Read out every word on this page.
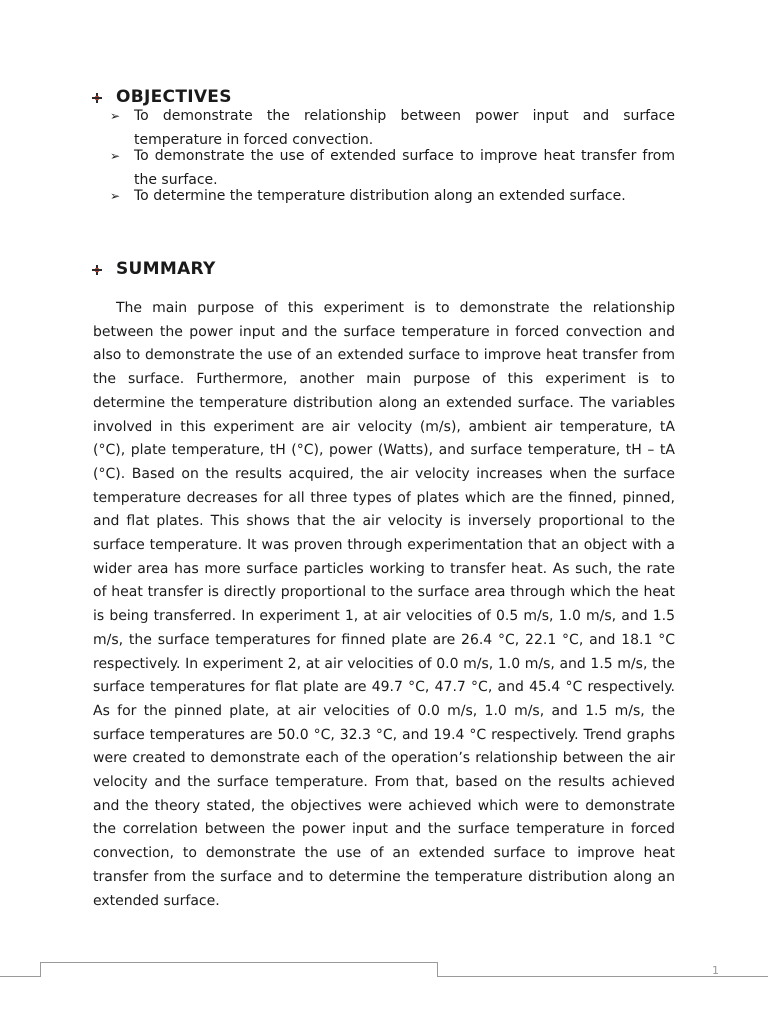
OBJECTIVES
➢ To demonstrate the relationship between power input and surface temperature in forced convection.
➢ To demonstrate the use of extended surface to improve heat transfer from the surface.
➢ To determine the temperature distribution along an extended surface.
SUMMARY

The main purpose of this experiment is to demonstrate the relationship between the power input and the surface temperature in forced convection and also to demonstrate the use of an extended surface to improve heat transfer from the surface. Furthermore, another main purpose of this experiment is to determine the temperature distribution along an extended surface. The variables involved in this experiment are air velocity (m/s), ambient air temperature, tA (°C), plate temperature, tH (°C), power (Watts), and surface temperature, tH – tA (°C). Based on the results acquired, the air velocity increases when the surface temperature decreases for all three types of plates which are the finned, pinned, and flat plates. This shows that the air velocity is inversely proportional to the surface temperature. It was proven through experimentation that an object with a wider area has more surface particles working to transfer heat. As such, the rate of heat transfer is directly proportional to the surface area through which the heat is being transferred. In experiment 1, at air velocities of 0.5 m/s, 1.0 m/s, and 1.5 m/s, the surface temperatures for finned plate are 26.4 °C, 22.1 °C, and 18.1 °C respectively. In experiment 2, at air velocities of 0.0 m/s, 1.0 m/s, and 1.5 m/s, the surface temperatures for flat plate are 49.7 °C, 47.7 °C, and 45.4 °C respectively. As for the pinned plate, at air velocities of 0.0 m/s, 1.0 m/s, and 1.5 m/s, the surface temperatures are 50.0 °C, 32.3 °C, and 19.4 °C respectively. Trend graphs were created to demonstrate each of the operation’s relationship between the air velocity and the surface temperature. From that, based on the results achieved and the theory stated, the objectives were achieved which were to demonstrate the correlation between the power input and the surface temperature in forced convection, to demonstrate the use of an extended surface to improve heat transfer from the surface and to determine the temperature distribution along an extended surface.

1
